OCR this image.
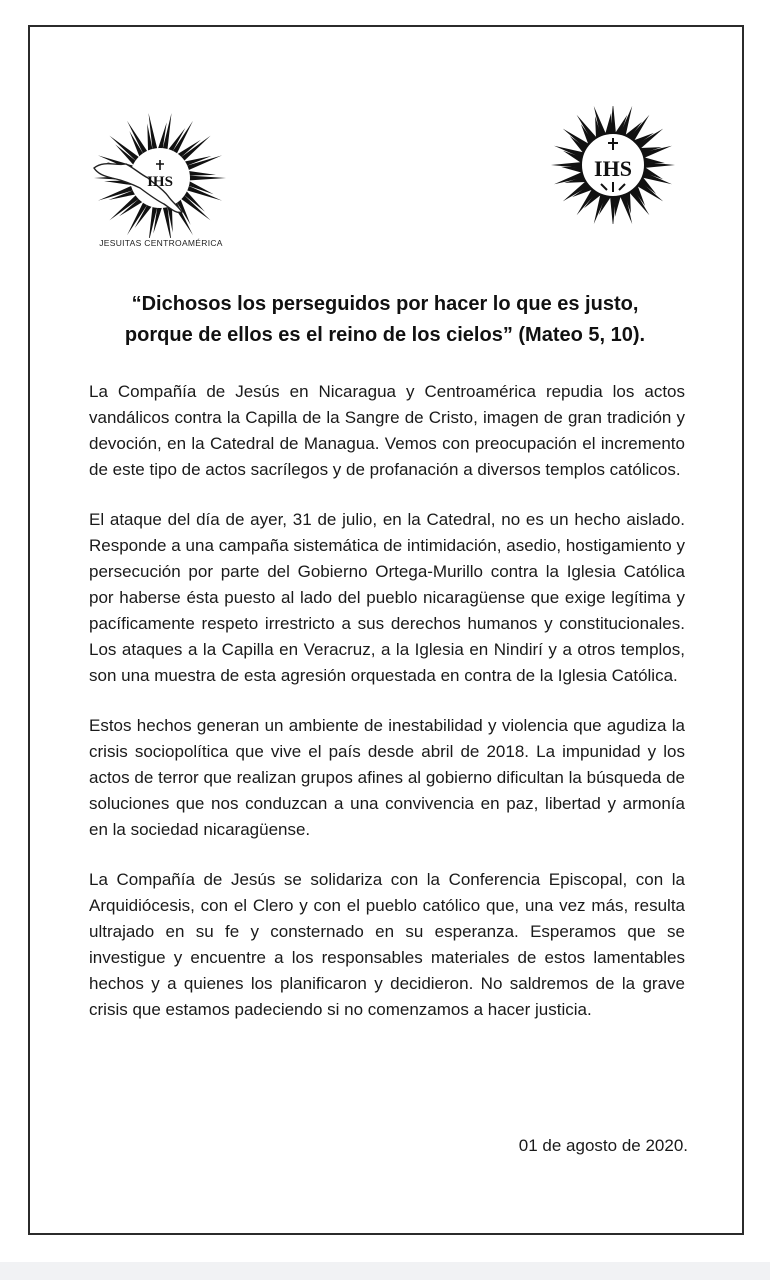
IHS
JESUITAS CENTROAMÉRICA
IHS
“Dichosos los perseguidos por hacer lo que es justo,
porque de ellos es el reino de los cielos” (Mateo 5, 10).

La Compañía de Jesús en Nicaragua y Centroamérica repudia los actos vandálicos contra la Capilla de la Sangre de Cristo, imagen de gran tradición y devoción, en la Catedral de Managua. Vemos con preocupación el incremento de este tipo de actos sacrílegos y de profanación a diversos templos católicos.

El ataque del día de ayer, 31 de julio, en la Catedral, no es un hecho aislado. Responde a una campaña sistemática de intimidación, asedio, hostigamiento y persecución por parte del Gobierno Ortega-Murillo contra la Iglesia Católica por haberse ésta puesto al lado del pueblo nicaragüense que exige legítima y pacíficamente respeto irrestricto a sus derechos humanos y constitucionales. Los ataques a la Capilla en Veracruz, a la Iglesia en Nindirí y a otros templos, son una muestra de esta agresión orquestada en contra de la Iglesia Católica.

Estos hechos generan un ambiente de inestabilidad y violencia que agudiza la crisis sociopolítica que vive el país desde abril de 2018. La impunidad y los actos de terror que realizan grupos afines al gobierno dificultan la búsqueda de soluciones que nos conduzcan a una convivencia en paz, libertad y armonía en la sociedad nicaragüense.

La Compañía de Jesús se solidariza con la Conferencia Episcopal, con la Arquidiócesis, con el Clero y con el pueblo católico que, una vez más, resulta ultrajado en su fe y consternado en su esperanza. Esperamos que se investigue y encuentre a los responsables materiales de estos lamentables hechos y a quienes los planificaron y decidieron. No saldremos de la grave crisis que estamos padeciendo si no comenzamos a hacer justicia.

01 de agosto de 2020.
